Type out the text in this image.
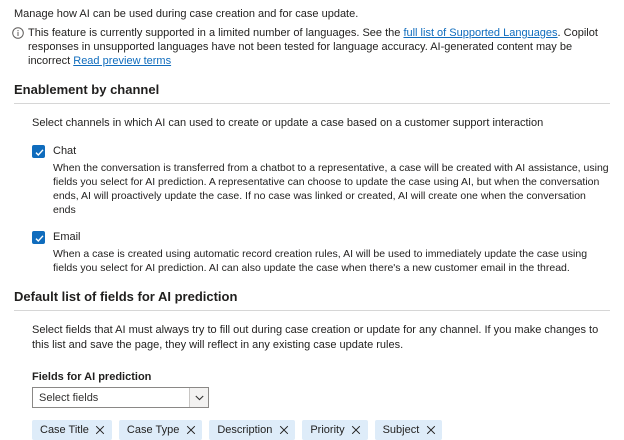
Manage how AI can be used during case creation and for case update.
This feature is currently supported in a limited number of languages. See the full list of Supported Languages. Copilot responses in unsupported languages have not been tested for language accuracy. AI-generated content may be incorrect Read preview terms
Enablement by channel
Select channels in which AI can used to create or update a case based on a customer support interaction
Chat
When the conversation is transferred from a chatbot to a representative, a case will be created with AI assistance, using fields you select for AI prediction. A representative can choose to update the case using AI, but when the conversation ends, AI will proactively update the case. If no case was linked or created, AI will create one when the conversation ends
Email
When a case is created using automatic record creation rules, AI will be used to immediately update the case using fields you select for AI prediction. AI can also update the case when there's a new customer email in the thread.
Default list of fields for AI prediction
Select fields that AI must always try to fill out during case creation or update for any channel. If you make changes to this list and save the page, they will reflect in any existing case update rules.
Fields for AI prediction
Select fields
Case Title	Case Type	Description	Priority	Subject
